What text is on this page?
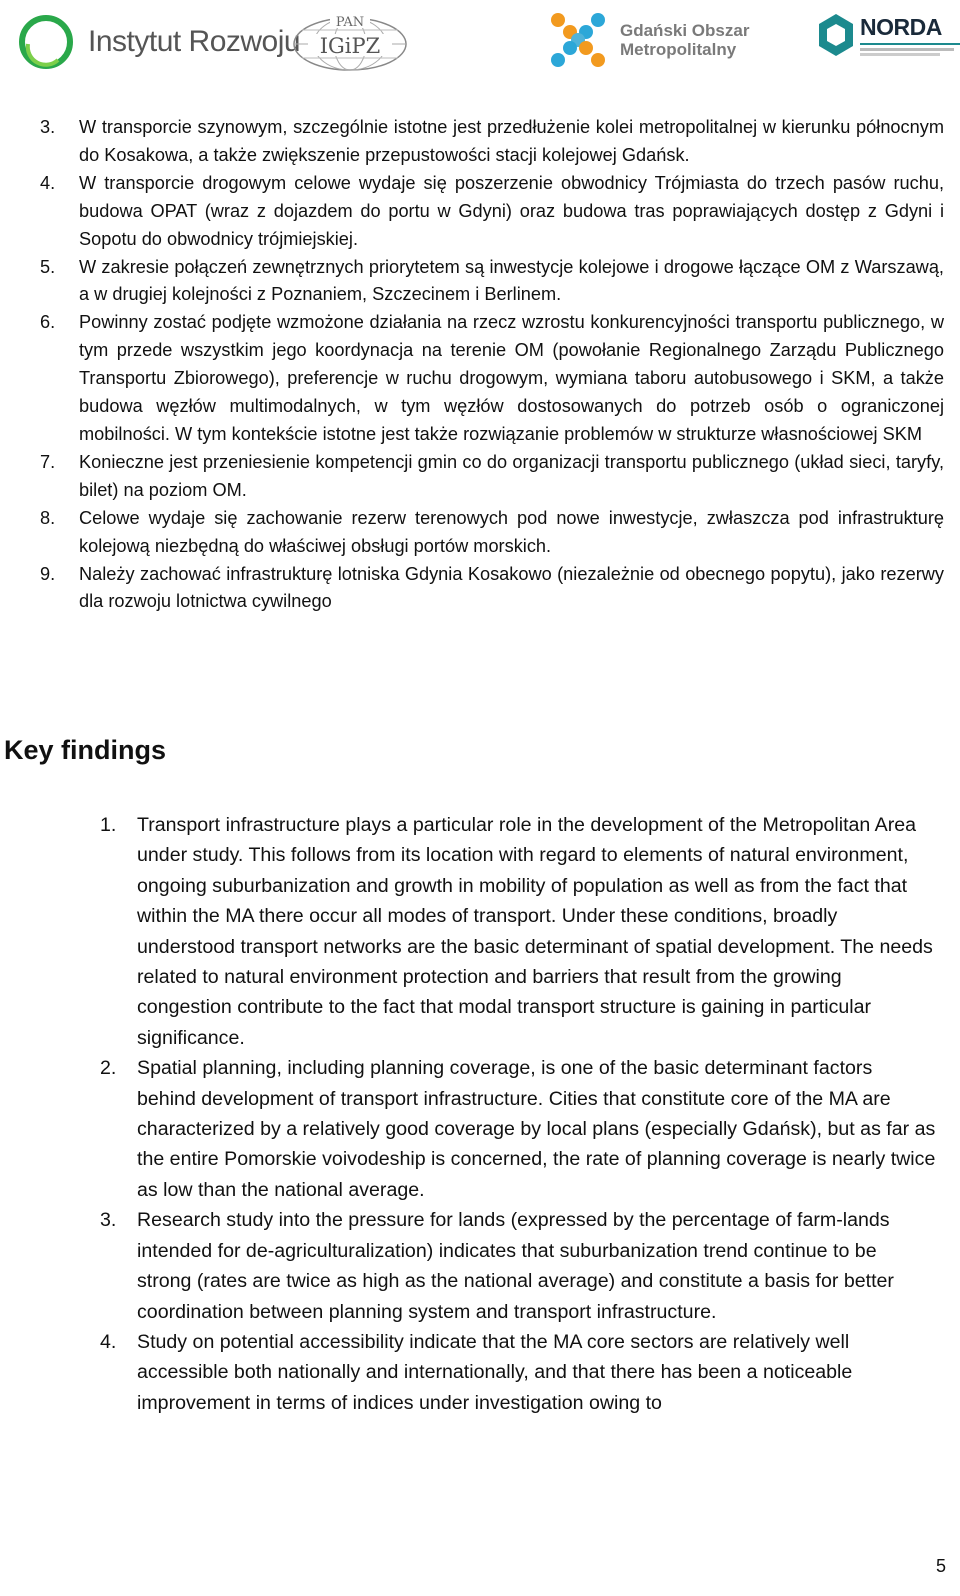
Instytut Rozwoju
PAN
IGiPZ
Gdański Obszar
Metropolitalny
NORDA
3.	W transporcie szynowym, szczególnie istotne jest przedłużenie kolei metropolitalnej w kierunku północnym do Kosakowa, a także zwiększenie przepustowości stacji kolejowej Gdańsk.
4.	W transporcie drogowym celowe wydaje się poszerzenie obwodnicy Trójmiasta do trzech pasów ruchu, budowa OPAT (wraz z dojazdem do portu w Gdyni) oraz budowa tras poprawiających dostęp z Gdyni i Sopotu do obwodnicy trójmiejskiej.
5.	W zakresie połączeń zewnętrznych priorytetem są inwestycje kolejowe i drogowe łączące OM z Warszawą, a w drugiej kolejności z Poznaniem, Szczecinem i Berlinem.
6.	Powinny zostać podjęte wzmożone działania na rzecz wzrostu konkurencyjności transportu publicznego, w tym przede wszystkim jego koordynacja na terenie OM (powołanie Regionalnego Zarządu Publicznego Transportu Zbiorowego), preferencje w ruchu drogowym, wymiana taboru autobusowego i SKM, a także budowa węzłów multimodalnych, w tym węzłów dostosowanych do potrzeb osób o ograniczonej mobilności. W tym kontekście istotne jest także rozwiązanie problemów w strukturze własnościowej SKM
7.	Konieczne jest przeniesienie kompetencji gmin co do organizacji transportu publicznego (układ sieci, taryfy, bilet) na poziom OM.
8.	Celowe wydaje się zachowanie rezerw terenowych pod nowe inwestycje, zwłaszcza pod infrastrukturę kolejową niezbędną do właściwej obsługi portów morskich.
9.	Należy zachować infrastrukturę lotniska Gdynia Kosakowo (niezależnie od obecnego popytu), jako rezerwy dla rozwoju lotnictwa cywilnego
Key findings
1.	Transport infrastructure plays a particular role in the development of the Metropolitan Area under study. This follows from its location with regard to elements of natural environment, ongoing suburbanization and growth in mobility of population as well as from the fact that within the MA there occur all modes of transport. Under these conditions, broadly understood transport networks are the basic determinant of spatial development. The needs related to natural environment protection and barriers that result from the growing congestion contribute to the fact that modal transport structure is gaining in particular significance.
2.	Spatial planning, including planning coverage, is one of the basic determinant factors behind development of transport infrastructure. Cities that constitute core of the MA are characterized by a relatively good coverage by local plans (especially Gdańsk), but as far as the entire Pomorskie voivodeship is concerned, the rate of planning coverage is nearly twice as low than the national average.
3.	Research study into the pressure for lands (expressed by the percentage of farm-lands intended for de-agriculturalization) indicates that suburbanization trend continue to be strong (rates are twice as high as the national average) and constitute a basis for better coordination between planning system and transport infrastructure.
4.	Study on potential accessibility indicate that the MA core sectors are relatively well accessible both nationally and internationally, and that there has been a noticeable improvement in terms of indices under investigation owing to
5
